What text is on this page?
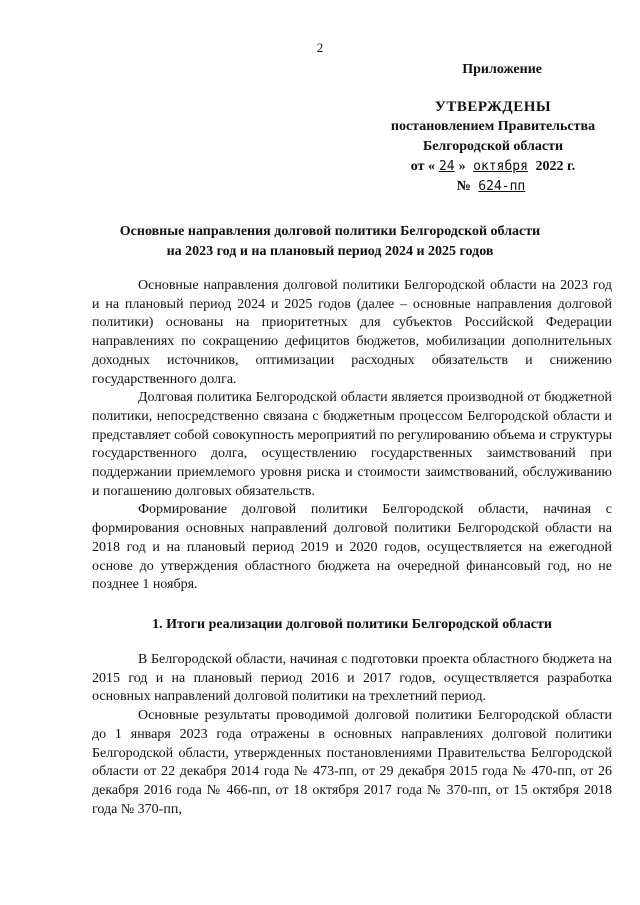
2
Приложение
УТВЕРЖДЕНЫ
постановлением Правительства
Белгородской области
от « 24 » октября 2022 г.
№ 624-пп
Основные направления долговой политики Белгородской области
на 2023 год и на плановый период 2024 и 2025 годов

Основные направления долговой политики Белгородской области на 2023 год и на плановый период 2024 и 2025 годов (далее – основные направления долговой политики) основаны на приоритетных для субъектов Российской Федерации направлениях по сокращению дефицитов бюджетов, мобилизации дополнительных доходных источников, оптимизации расходных обязательств и снижению государственного долга.

Долговая политика Белгородской области является производной от бюджетной политики, непосредственно связана с бюджетным процессом Белгородской области и представляет собой совокупность мероприятий по регулированию объема и структуры государственного долга, осуществлению государственных заимствований при поддержании приемлемого уровня риска и стоимости заимствований, обслуживанию и погашению долговых обязательств.

Формирование долговой политики Белгородской области, начиная с формирования основных направлений долговой политики Белгородской области на 2018 год и на плановый период 2019 и 2020 годов, осуществляется на ежегодной основе до утверждения областного бюджета на очередной финансовый год, но не позднее 1 ноября.

1. Итоги реализации долговой политики Белгородской области

В Белгородской области, начиная с подготовки проекта областного бюджета на 2015 год и на плановый период 2016 и 2017 годов, осуществляется разработка основных направлений долговой политики на трехлетний период.

Основные результаты проводимой долговой политики Белгородской области до 1 января 2023 года отражены в основных направлениях долговой политики Белгородской области, утвержденных постановлениями Правительства Белгородской области от 22 декабря 2014 года № 473-пп, от 29 декабря 2015 года № 470-пп, от 26 декабря 2016 года № 466-пп, от 18 октября 2017 года № 370-пп, от 15 октября 2018 года № 370-пп,
